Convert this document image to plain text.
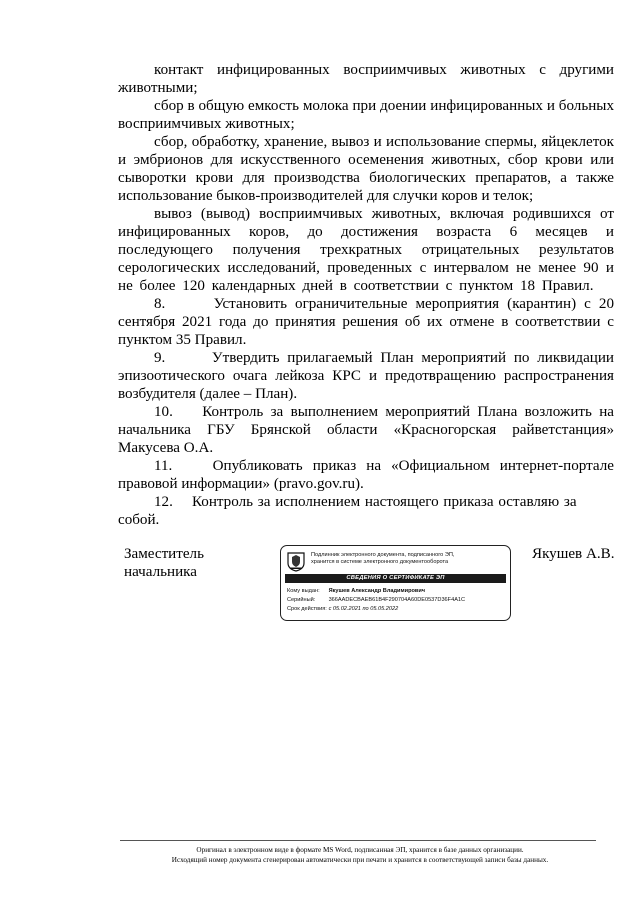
контакт инфицированных восприимчивых животных с другими животными;

сбор в общую емкость молока при доении инфицированных и больных восприимчивых животных;

сбор, обработку, хранение, вывоз и использование спермы, яйцеклеток и эмбрионов для искусственного осеменения животных, сбор крови или сыворотки крови для производства биологических препаратов, а также использование быков-производителей для случки коров и телок;

вывоз (вывод) восприимчивых животных, включая родившихся от инфицированных коров, до достижения возраста 6 месяцев и последующего получения трехкратных отрицательных результатов серологических исследований, проведенных с интервалом не менее 90 и не более 120 календарных дней в соответствии с пунктом 18 Правил.

8.      Установить ограничительные мероприятия (карантин) с 20 сентября 2021 года до принятия решения об их отмене в соответствии с пунктом 35 Правил.

9.      Утвердить прилагаемый План мероприятий по ликвидации эпизоотического очага лейкоза КРС и предотвращению распространения возбудителя (далее – План).

10.    Контроль за выполнением мероприятий Плана возложить на начальника ГБУ Брянской области «Красногорская райветстанция» Макусева О.А.

11.    Опубликовать приказ на «Официальном интернет-портале правовой информации» (pravo.gov.ru).

12.    Контроль за исполнением настоящего приказа оставляю за собой.

Заместитель
начальника
Подлинник электронного документа, подписанного ЭП,
хранится в системе электронного документооборота
СВЕДЕНИЯ О СЕРТИФИКАТЕ ЭП
Кому выдан: Якушев Александр Владимирович
Серийный: 366AADECBAEB61B4F290704A60DE0537D36F4A1C
Срок действия: с 05.02.2021 по 05.05.2022
Якушев А.В.
Оригинал в электронном виде в формате MS Word, подписанная ЭП, хранится в базе данных организации.
Исходящий номер документа сгенерирован автоматически при печати и хранится в соответствующей записи базы данных.
